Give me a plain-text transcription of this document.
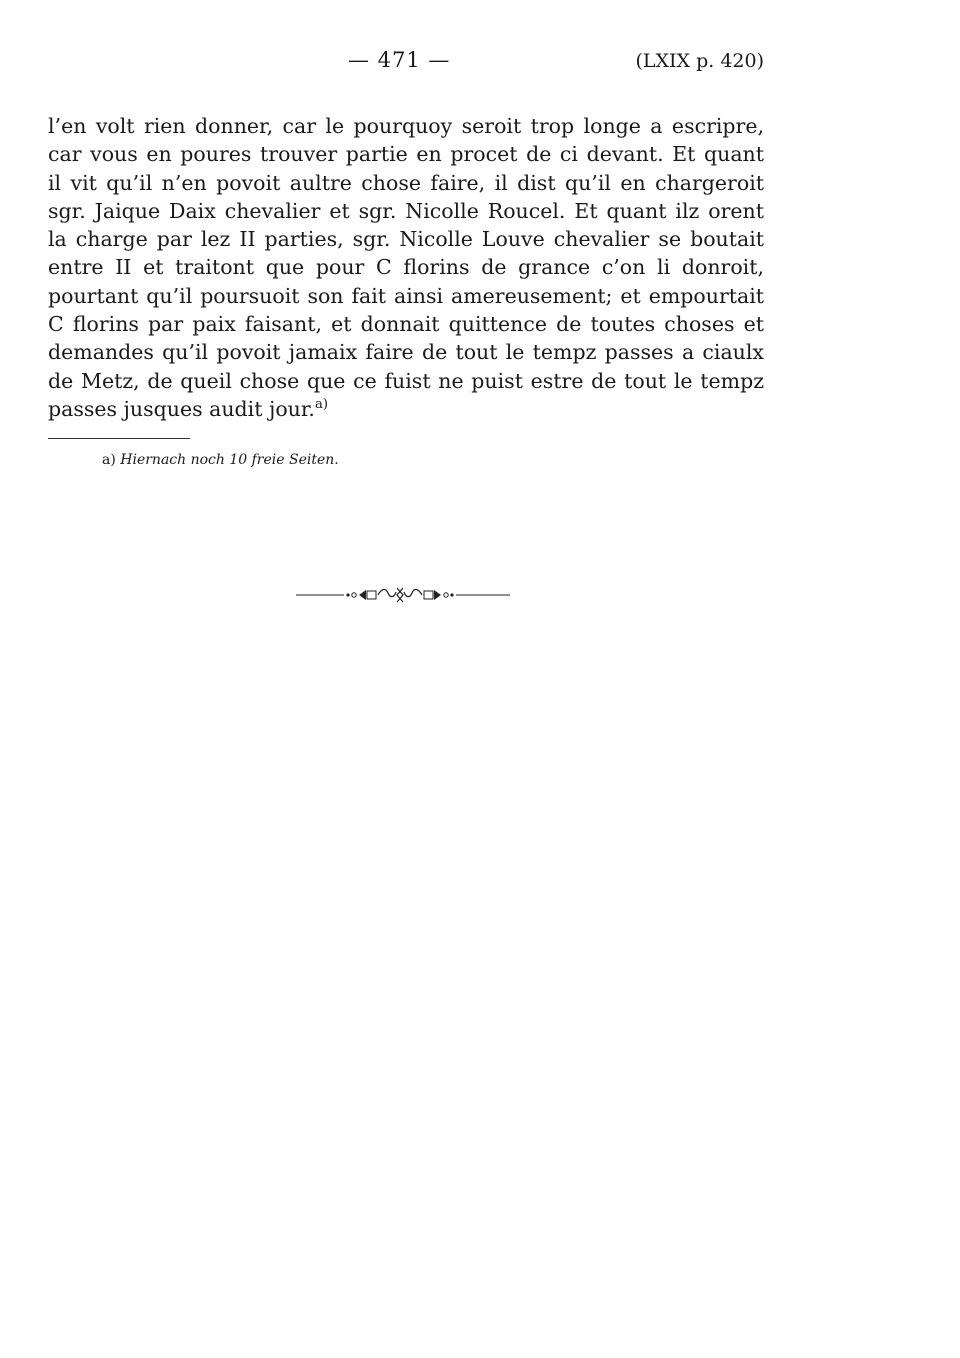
— 471 —	(LXIX p. 420)
l’en volt rien donner, car le pourquoy seroit trop longe a escripre,
car vous en poures trouver partie en procet de ci devant. Et quant
il vit qu’il n’en povoit aultre chose faire, il dist qu’il en chargeroit
sgr. Jaique Daix chevalier et sgr. Nicolle Roucel. Et quant ilz orent
la charge par lez II parties, sgr. Nicolle Louve chevalier se boutait
entre II et traitont que pour C florins de grance c’on li donroit,
pourtant qu’il poursuoit son fait ainsi amereusement; et empourtait
C florins par paix faisant, et donnait quittence de toutes choses et
demandes qu’il povoit jamaix faire de tout le tempz passes a ciaulx
de Metz, de queil chose que ce fuist ne puist estre de tout le tempz
passes jusques audit jour.$^{a)}$
a) Hiernach noch 10 freie Seiten.
